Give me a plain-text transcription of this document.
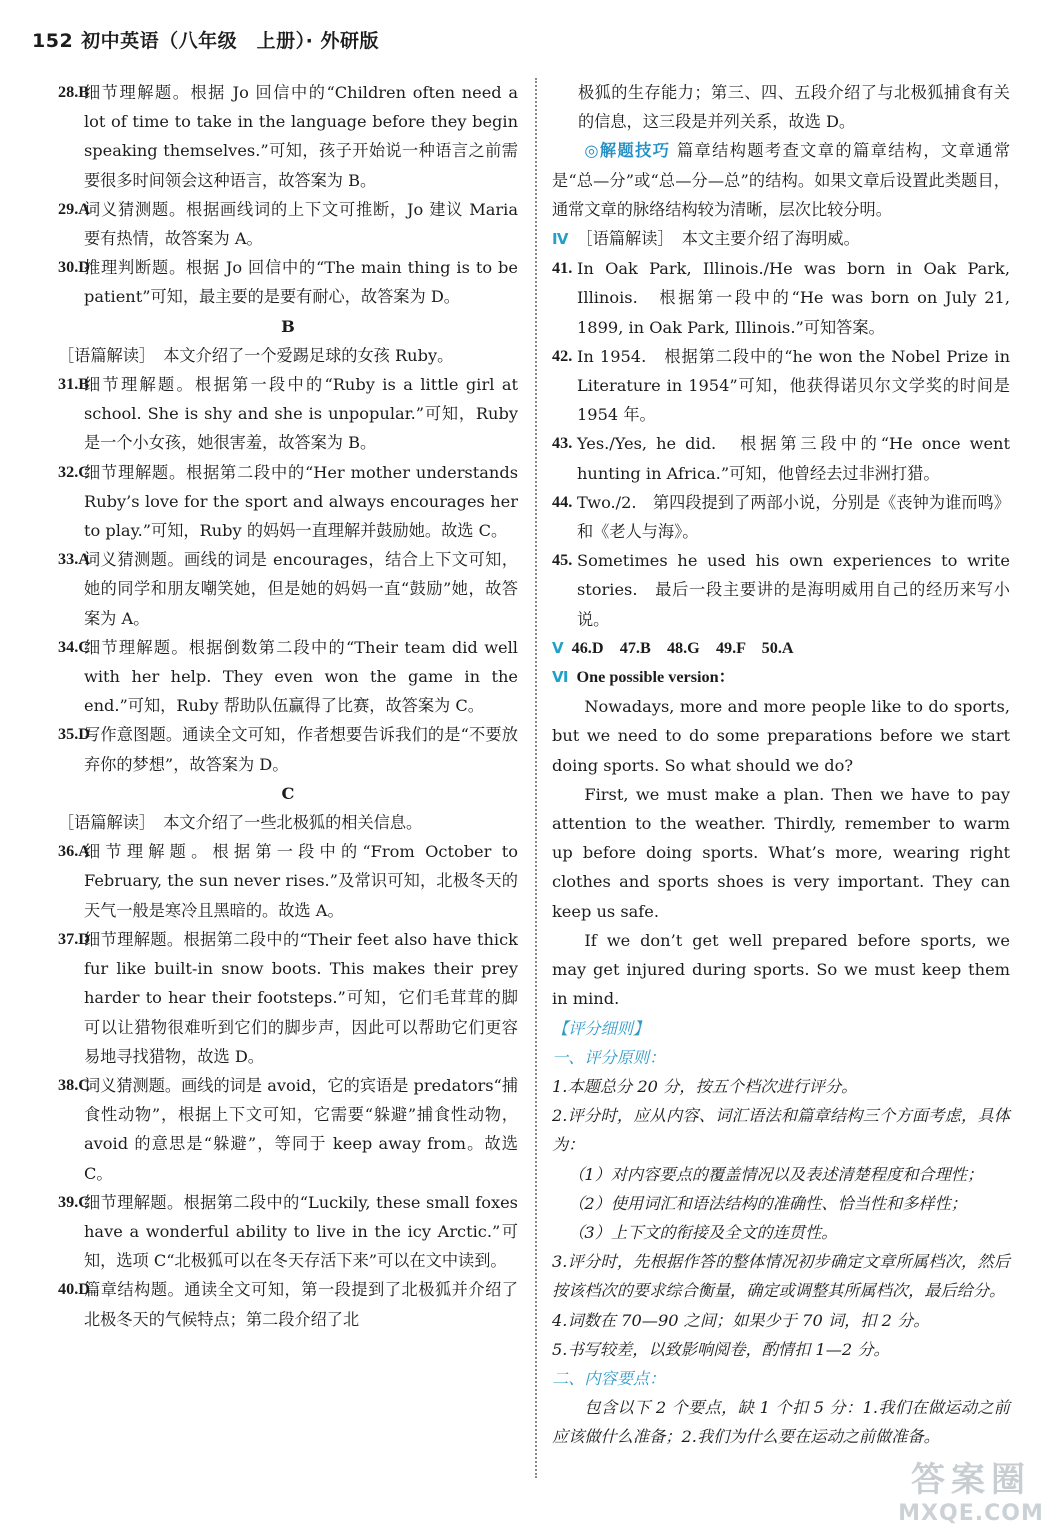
152 初中英语（八年级　上册）· 外研版
28.B
细节理解题。根据 Jo 回信中的“Children often need a lot of time to take in the language before they begin speaking themselves.”可知，孩子开始说一种语言之前需要很多时间领会这种语言，故答案为 B。
29.A
词义猜测题。根据画线词的上下文可推断，Jo 建议 Maria 要有热情，故答案为 A。
30.D
推理判断题。根据 Jo 回信中的“The main thing is to be patient”可知，最主要的是要有耐心，故答案为 D。
B
［语篇解读］　本文介绍了一个爱踢足球的女孩 Ruby。
31.B
细节理解题。根据第一段中的“Ruby is a little girl at school. She is shy and she is unpopular.”可知，Ruby 是一个小女孩，她很害羞，故答案为 B。
32.C
细节理解题。根据第二段中的“Her mother understands Ruby’s love for the sport and always encourages her to play.”可知，Ruby 的妈妈一直理解并鼓励她。故选 C。
33.A
词义猜测题。画线的词是 encourages，结合上下文可知，她的同学和朋友嘲笑她，但是她的妈妈一直“鼓励”她，故答案为 A。
34.C
细节理解题。根据倒数第二段中的“Their team did well with her help. They even won the game in the end.”可知，Ruby 帮助队伍赢得了比赛，故答案为 C。
35.D
写作意图题。通读全文可知，作者想要告诉我们的是“不要放弃你的梦想”，故答案为 D。
C
［语篇解读］　本文介绍了一些北极狐的相关信息。
36.A
细节理解题。根据第一段中的“From October to February, the sun never rises.”及常识可知，北极冬天的天气一般是寒冷且黑暗的。故选 A。
37.D
细节理解题。根据第二段中的“Their feet also have thick fur like built-in snow boots. This makes their prey harder to hear their footsteps.”可知，它们毛茸茸的脚可以让猎物很难听到它们的脚步声，因此可以帮助它们更容易地寻找猎物，故选 D。
38.C
词义猜测题。画线的词是 avoid，它的宾语是 predators“捕食性动物”，根据上下文可知，它需要“躲避”捕食性动物，avoid 的意思是“躲避”，等同于 keep away from。故选 C。
39.C
细节理解题。根据第二段中的“Luckily, these small foxes have a wonderful ability to live in the icy Arctic.”可知，选项 C“北极狐可以在冬天存活下来”可以在文中读到。
40.D
篇章结构题。通读全文可知，第一段提到了北极狐并介绍了北极冬天的气候特点；第二段介绍了北
极狐的生存能力；第三、四、五段介绍了与北极狐捕食有关的信息，这三段是并列关系，故选 D。
◎解题技巧 篇章结构题考查文章的篇章结构，文章通常是“总—分”或“总—分—总”的结构。如果文章后设置此类题目，通常文章的脉络结构较为清晰，层次比较分明。
Ⅳ ［语篇解读］　本文主要介绍了海明威。
41. In Oak Park, Illinois./He was born in Oak Park, Illinois.　根据第一段中的“He was born on July 21, 1899, in Oak Park, Illinois.”可知答案。
42. In 1954.　根据第二段中的“he won the Nobel Prize in Literature in 1954”可知，他获得诺贝尔文学奖的时间是 1954 年。
43. Yes./Yes, he did.　根据第三段中的“He once went hunting in Africa.”可知，他曾经去过非洲打猎。
44. Two./2.　第四段提到了两部小说，分别是《丧钟为谁而鸣》和《老人与海》。
45. Sometimes he used his own experiences to write stories.　最后一段主要讲的是海明威用自己的经历来写小说。
Ⅴ 46.D　47.B　48.G　49.F　50.A
Ⅵ One possible version：
Nowadays, more and more people like to do sports, but we need to do some preparations before we start doing sports. So what should we do?
First, we must make a plan. Then we have to pay attention to the weather. Thirdly, remember to warm up before doing sports. What’s more, wearing right clothes and sports shoes is very important. They can keep us safe.
If we don’t get well prepared before sports, we may get injured during sports. So we must keep them in mind.
【评分细则】
一、评分原则：
1.本题总分 20 分，按五个档次进行评分。
2.评分时，应从内容、词汇语法和篇章结构三个方面考虑，具体为：
（1）对内容要点的覆盖情况以及表述清楚程度和合理性；
（2）使用词汇和语法结构的准确性、恰当性和多样性；
（3）上下文的衔接及全文的连贯性。
3.评分时，先根据作答的整体情况初步确定文章所属档次，然后按该档次的要求综合衡量，确定或调整其所属档次，最后给分。
4.词数在 70—90 之间；如果少于 70 词，扣 2 分。
5.书写较差，以致影响阅卷，酌情扣 1—2 分。
二、内容要点：
包含以下 2 个要点，缺 1 个扣 5 分：1.我们在做运动之前应该做什么准备；2.我们为什么要在运动之前做准备。
答案圈
MXQE.COM
